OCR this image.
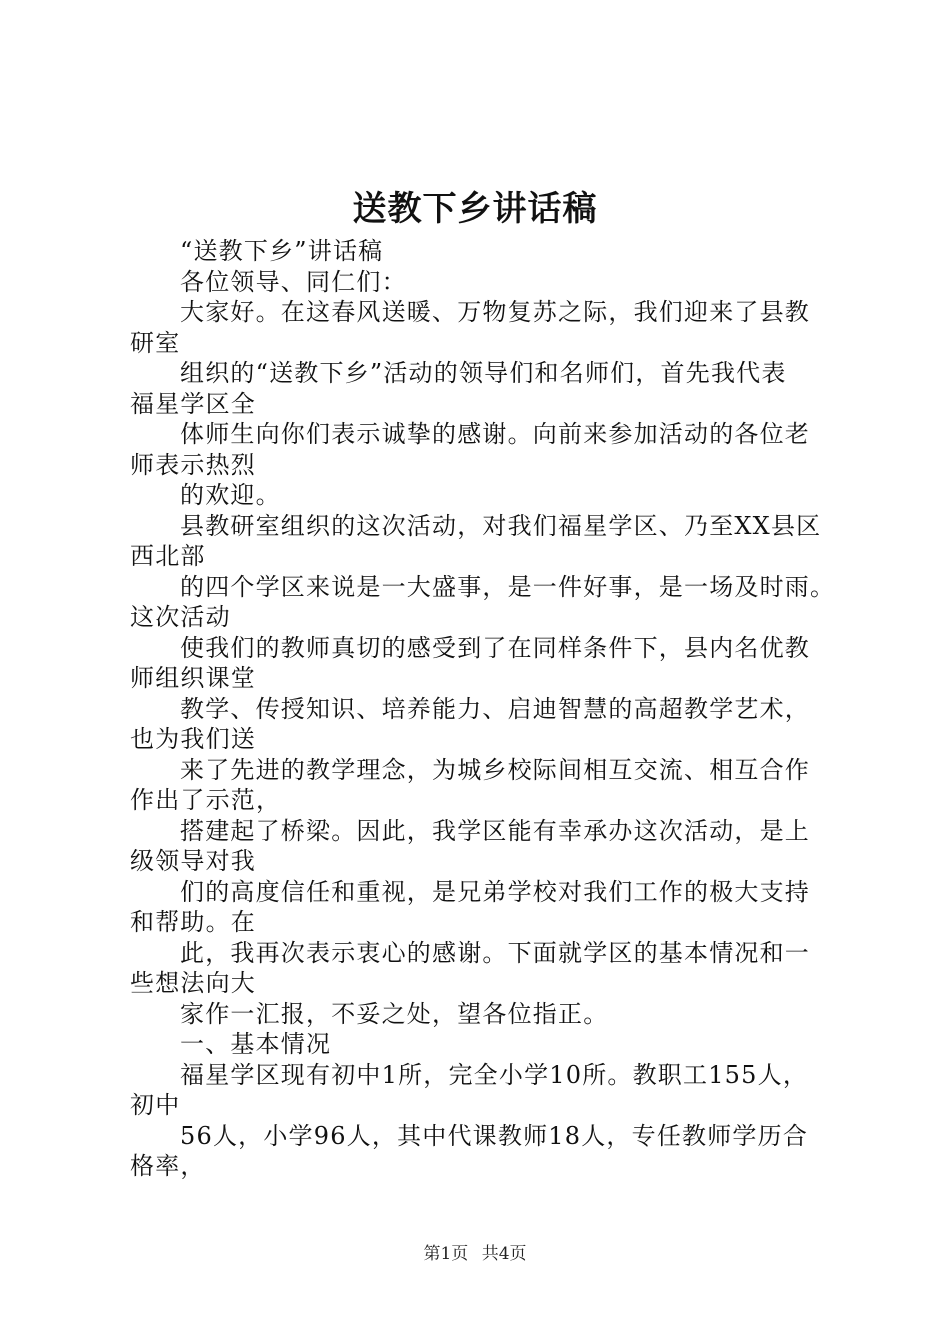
送教下乡讲话稿
“送教下乡”讲话稿
各位领导、同仁们：
大家好。在这春风送暖、万物复苏之际，我们迎来了县教
研室
组织的“送教下乡”活动的领导们和名师们，首先我代表
福星学区全
体师生向你们表示诚挚的感谢。向前来参加活动的各位老
师表示热烈
的欢迎。
县教研室组织的这次活动，对我们福星学区、乃至XX县区
西北部
的四个学区来说是一大盛事，是一件好事，是一场及时雨。
这次活动
使我们的教师真切的感受到了在同样条件下，县内名优教
师组织课堂
教学、传授知识、培养能力、启迪智慧的高超教学艺术，
也为我们送
来了先进的教学理念，为城乡校际间相互交流、相互合作
作出了示范，
搭建起了桥梁。因此，我学区能有幸承办这次活动，是上
级领导对我
们的高度信任和重视，是兄弟学校对我们工作的极大支持
和帮助。在
此，我再次表示衷心的感谢。下面就学区的基本情况和一
些想法向大
家作一汇报，不妥之处，望各位指正。
一、基本情况
福星学区现有初中1所，完全小学10所。教职工155人，
初中
56人，小学96人，其中代课教师18人，专任教师学历合
格率，
第1页 共4页
